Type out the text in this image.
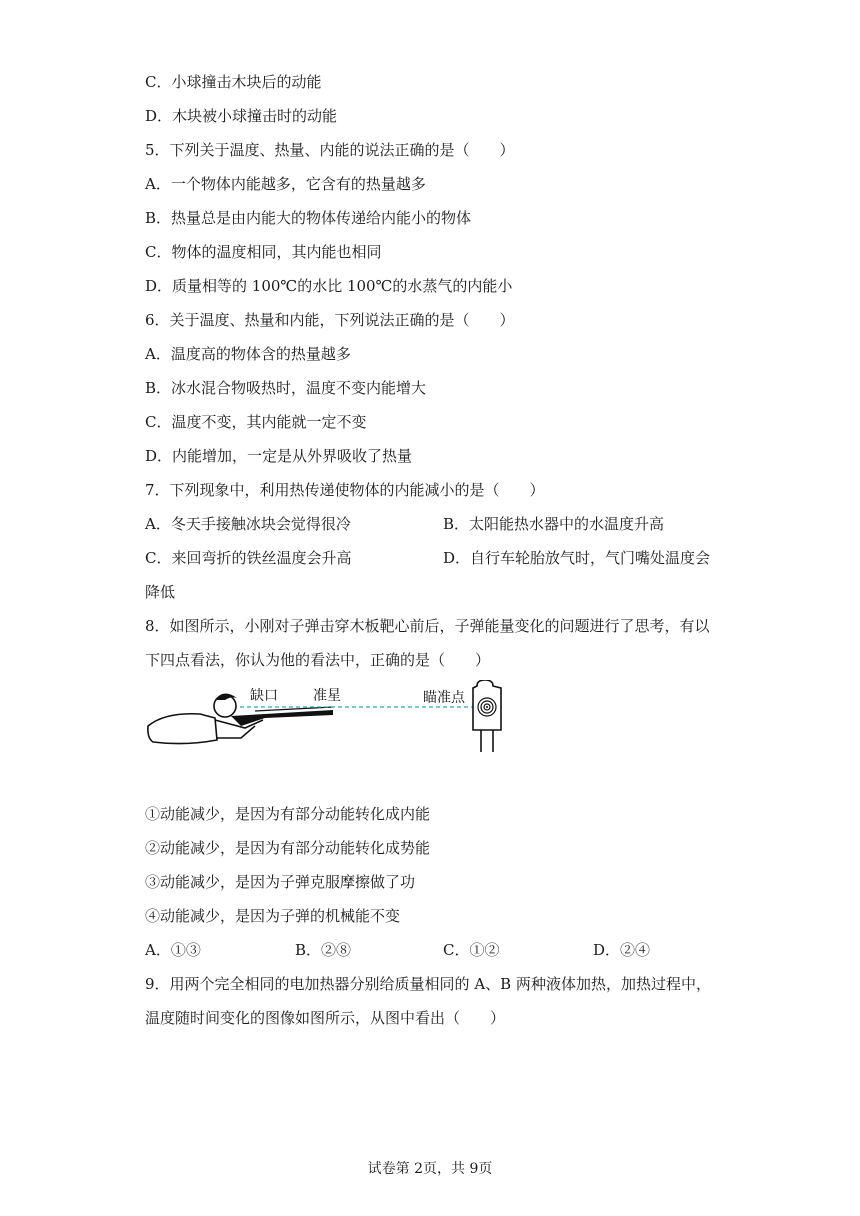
C．小球撞击木块后的动能
D．木块被小球撞击时的动能
5．下列关于温度、热量、内能的说法正确的是（　　）
A．一个物体内能越多，它含有的热量越多
B．热量总是由内能大的物体传递给内能小的物体
C．物体的温度相同，其内能也相同
D．质量相等的 100℃的水比 100℃的水蒸气的内能小
6．关于温度、热量和内能，下列说法正确的是（　　）
A．温度高的物体含的热量越多
B．冰水混合物吸热时，温度不变内能增大
C．温度不变，其内能就一定不变
D．内能增加，一定是从外界吸收了热量
7．下列现象中，利用热传递使物体的内能减小的是（　　）
A．冬天手接触冰块会觉得很冷	B．太阳能热水器中的水温度升高
C．来回弯折的铁丝温度会升高	D．自行车轮胎放气时，气门嘴处温度会
降低
8．如图所示，小刚对子弹击穿木板靶心前后，子弹能量变化的问题进行了思考，有以
下四点看法，你认为他的看法中，正确的是（　　）
缺口	准星	瞄准点
①动能减少，是因为有部分动能转化成内能
②动能减少，是因为有部分动能转化成势能
③动能减少，是因为子弹克服摩擦做了功
④动能减少，是因为子弹的机械能不变
A．①③	B．②⑧	C．①②	D．②④
9．用两个完全相同的电加热器分别给质量相同的 A、B 两种液体加热，加热过程中，
温度随时间变化的图像如图所示，从图中看出（　　）
试卷第 2页，共 9页
